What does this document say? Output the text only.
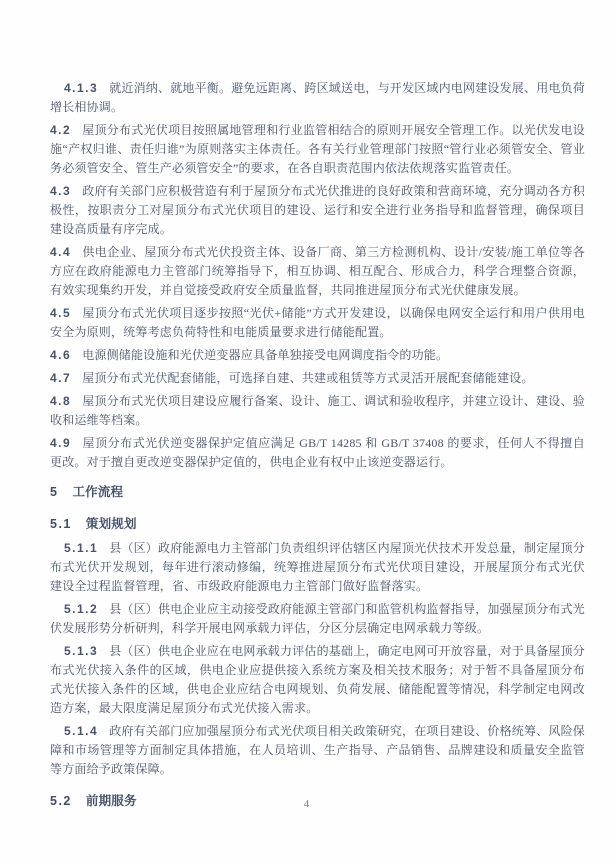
4.1.3 就近消纳、就地平衡。避免远距离、跨区域送电，与开发区域内电网建设发展、用电负荷增长相协调。

4.2 屋顶分布式光伏项目按照属地管理和行业监管相结合的原则开展安全管理工作。以光伏发电设施“产权归谁、责任归谁”为原则落实主体责任。各有关行业管理部门按照“管行业必须管安全、管业务必须管安全、管生产必须管安全”的要求，在各自职责范围内依法依规落实监管责任。

4.3 政府有关部门应积极营造有利于屋顶分布式光伏推进的良好政策和营商环境，充分调动各方积极性，按职责分工对屋顶分布式光伏项目的建设、运行和安全进行业务指导和监督管理，确保项目建设高质量有序完成。

4.4 供电企业、屋顶分布式光伏投资主体、设备厂商、第三方检测机构、设计/安装/施工单位等各方应在政府能源电力主管部门统筹指导下，相互协调、相互配合、形成合力，科学合理整合资源，有效实现集约开发，并自觉接受政府安全质量监督，共同推进屋顶分布式光伏健康发展。

4.5 屋顶分布式光伏项目逐步按照“光伏+储能”方式开发建设，以确保电网安全运行和用户供用电安全为原则，统筹考虑负荷特性和电能质量要求进行储能配置。

4.6 电源侧储能设施和光伏逆变器应具备单独接受电网调度指令的功能。

4.7 屋顶分布式光伏配套储能，可选择自建、共建或租赁等方式灵活开展配套储能建设。

4.8 屋顶分布式光伏项目建设应履行备案、设计、施工、调试和验收程序，并建立设计、建设、验收和运维等档案。

4.9 屋顶分布式光伏逆变器保护定值应满足 GB/T 14285 和 GB/T 37408 的要求，任何人不得擅自更改。对于擅自更改逆变器保护定值的，供电企业有权中止该逆变器运行。

5 工作流程
5.1 策划规划

5.1.1 县（区）政府能源电力主管部门负责组织评估辖区内屋顶光伏技术开发总量，制定屋顶分布式光伏开发规划，每年进行滚动修编，统筹推进屋顶分布式光伏项目建设，开展屋顶分布式光伏建设全过程监督管理，省、市级政府能源电力主管部门做好监督落实。

5.1.2 县（区）供电企业应主动接受政府能源主管部门和监管机构监督指导，加强屋顶分布式光伏发展形势分析研判，科学开展电网承载力评估，分区分层确定电网承载力等级。

5.1.3 县（区）供电企业应在电网承载力评估的基础上，确定电网可开放容量，对于具备屋顶分布式光伏接入条件的区域，供电企业应提供接入系统方案及相关技术服务；对于暂不具备屋顶分布式光伏接入条件的区域，供电企业应结合电网规划、负荷发展、储能配置等情况，科学制定电网改造方案，最大限度满足屋顶分布式光伏接入需求。

5.1.4 政府有关部门应加强屋顶分布式光伏项目相关政策研究，在项目建设、价格统筹、风险保障和市场管理等方面制定具体措施，在人员培训、生产指导、产品销售、品牌建设和质量安全监管等方面给予政策保障。

5.2 前期服务	4
